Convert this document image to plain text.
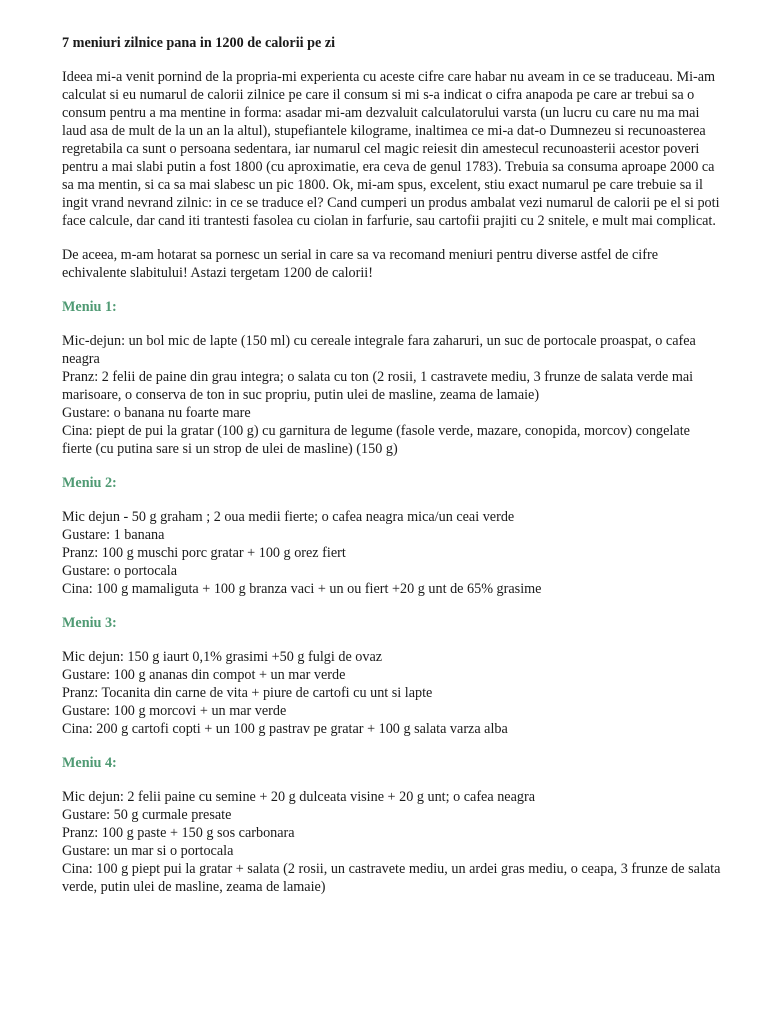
7 meniuri zilnice pana in 1200 de calorii pe zi

Ideea mi-a venit pornind de la propria-mi experienta cu aceste cifre care habar nu aveam in ce se traduceau. Mi-am calculat si eu numarul de calorii zilnice pe care il consum si mi s-a indicat o cifra anapoda pe care ar trebui sa o consum pentru a ma mentine in forma: asadar mi-am dezvaluit calculatorului varsta (un lucru cu care nu ma mai laud asa de mult de la un an la altul), stupefiantele kilograme, inaltimea ce mi-a dat-o Dumnezeu si recunoasterea regretabila ca sunt o persoana sedentara, iar numarul cel magic reiesit din amestecul recunoasterii acestor poveri pentru a mai slabi putin a fost 1800 (cu aproximatie, era ceva de genul 1783). Trebuia sa consuma aproape 2000 ca sa ma mentin, si ca sa mai slabesc un pic 1800. Ok, mi-am spus, excelent, stiu exact numarul pe care trebuie sa il ingit vrand nevrand zilnic: in ce se traduce el? Cand cumperi un produs ambalat vezi numarul de calorii pe el si poti face calcule, dar cand iti trantesti fasolea cu ciolan in farfurie, sau cartofii prajiti cu 2 snitele, e mult mai complicat.

De aceea, m-am hotarat sa pornesc un serial in care sa va recomand meniuri pentru diverse astfel de cifre echivalente slabitului! Astazi tergetam 1200 de calorii!

Meniu 1:
Mic-dejun: un bol mic de lapte (150 ml) cu cereale integrale fara zaharuri, un suc de portocale proaspat, o cafea neagra
Pranz: 2 felii de paine din grau integra; o salata cu ton (2 rosii, 1 castravete mediu, 3 frunze de salata verde mai marisoare, o conserva de ton in suc propriu, putin ulei de masline, zeama de lamaie)
Gustare: o banana nu foarte mare
Cina: piept de pui la gratar (100 g) cu garnitura de legume (fasole verde, mazare, conopida, morcov) congelate fierte (cu putina sare si un strop de ulei de masline) (150 g)
Meniu 2:
Mic dejun - 50 g graham ; 2 oua medii fierte; o cafea neagra mica/un ceai verde
Gustare: 1 banana
Pranz: 100 g muschi porc gratar + 100 g orez fiert
Gustare: o portocala
Cina: 100 g mamaliguta + 100 g branza vaci + un ou fiert +20 g unt de 65% grasime
Meniu 3:
Mic dejun: 150 g iaurt 0,1% grasimi +50 g fulgi de ovaz
Gustare: 100 g ananas din compot + un mar verde
Pranz: Tocanita din carne de vita + piure de cartofi cu unt si lapte
Gustare: 100 g morcovi + un mar verde
Cina: 200 g cartofi copti + un 100 g pastrav pe gratar + 100 g salata varza alba
Meniu 4:
Mic dejun: 2 felii paine cu semine + 20 g dulceata visine + 20 g unt; o cafea neagra
Gustare: 50 g curmale presate
Pranz: 100 g paste + 150 g sos carbonara
Gustare: un mar si o portocala
Cina: 100 g piept pui la gratar + salata (2 rosii, un castravete mediu, un ardei gras mediu, o ceapa, 3 frunze de salata verde, putin ulei de masline, zeama de lamaie)
